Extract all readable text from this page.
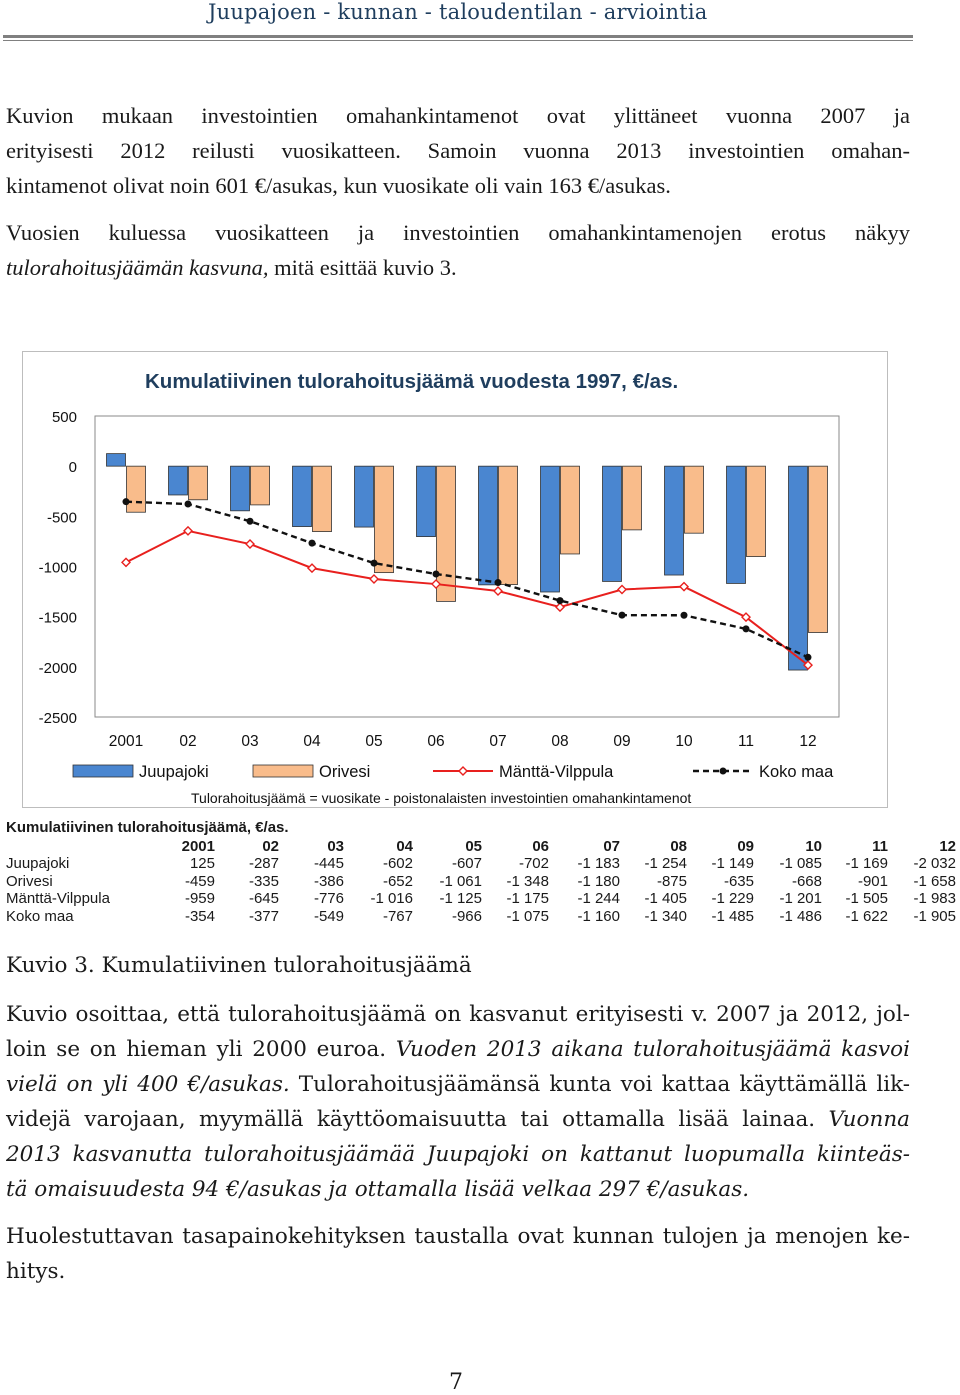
Juupajoen - kunnan - taloudentilan - arviointia

Kuvion mukaan investointien omahankintamenot ovat ylittäneet vuonna 2007 ja
erityisesti 2012 reilusti vuosikatteen. Samoin vuonna 2013 investointien omahan-
kintamenot olivat noin 601 €/asukas, kun vuosikate oli vain 163 €/asukas.

Vuosien kuluessa vuosikatteen ja investointien omahankintamenojen erotus näkyy
tulorahoitusjäämän kasvuna, mitä esittää kuvio 3.

Kumulatiivinen tulorahoitusjäämä vuodesta 1997, €/as.
500
0
-500
-1000
-1500
-2000
-2500
2001 02	03	04	05	06	07	08	09	10	11	12
Juupajoki	Orivesi	Mänttä-Vilppula	Koko maa
Tulorahoitusjäämä = vuosikate - poistonalaisten investointien omahankintamenot
Kumulatiivinen tulorahoitusjäämä, €/as.
2001	02	03	04	05	06	07	08	09	10	11	12
Juupajoki	125	-287	-445	-602	-607	-702	-1 183	-1 254	-1 149	-1 085	-1 169	-2 032
Orivesi	-459	-335	-386	-652	-1 061	-1 348	-1 180	-875	-635	-668	-901	-1 658
Mänttä-Vilppula	-959	-645	-776	-1 016	-1 125	-1 175	-1 244	-1 405	-1 229	-1 201	-1 505	-1 983
Koko maa	-354	-377	-549	-767	-966	-1 075	-1 160	-1 340	-1 485	-1 486	-1 622	-1 905
Kuvio 3. Kumulatiivinen tulorahoitusjäämä

Kuvio osoittaa, että tulorahoitusjäämä on kasvanut erityisesti v. 2007 ja 2012, jol-
loin se on hieman yli 2000 euroa. Vuoden 2013 aikana tulorahoitusjäämä kasvoi
vielä on yli 400 €/asukas. Tulorahoitusjäämänsä kunta voi kattaa käyttämällä lik-
videjä varojaan, myymällä käyttöomaisuutta tai ottamalla lisää lainaa. Vuonna
2013 kasvanutta tulorahoitusjäämää Juupajoki on kattanut luopumalla kiinteäs-
tä omaisuudesta 94 €/asukas ja ottamalla lisää velkaa 297 €/asukas.

Huolestuttavan tasapainokehityksen taustalla ovat kunnan tulojen ja menojen ke-
hitys.

7
